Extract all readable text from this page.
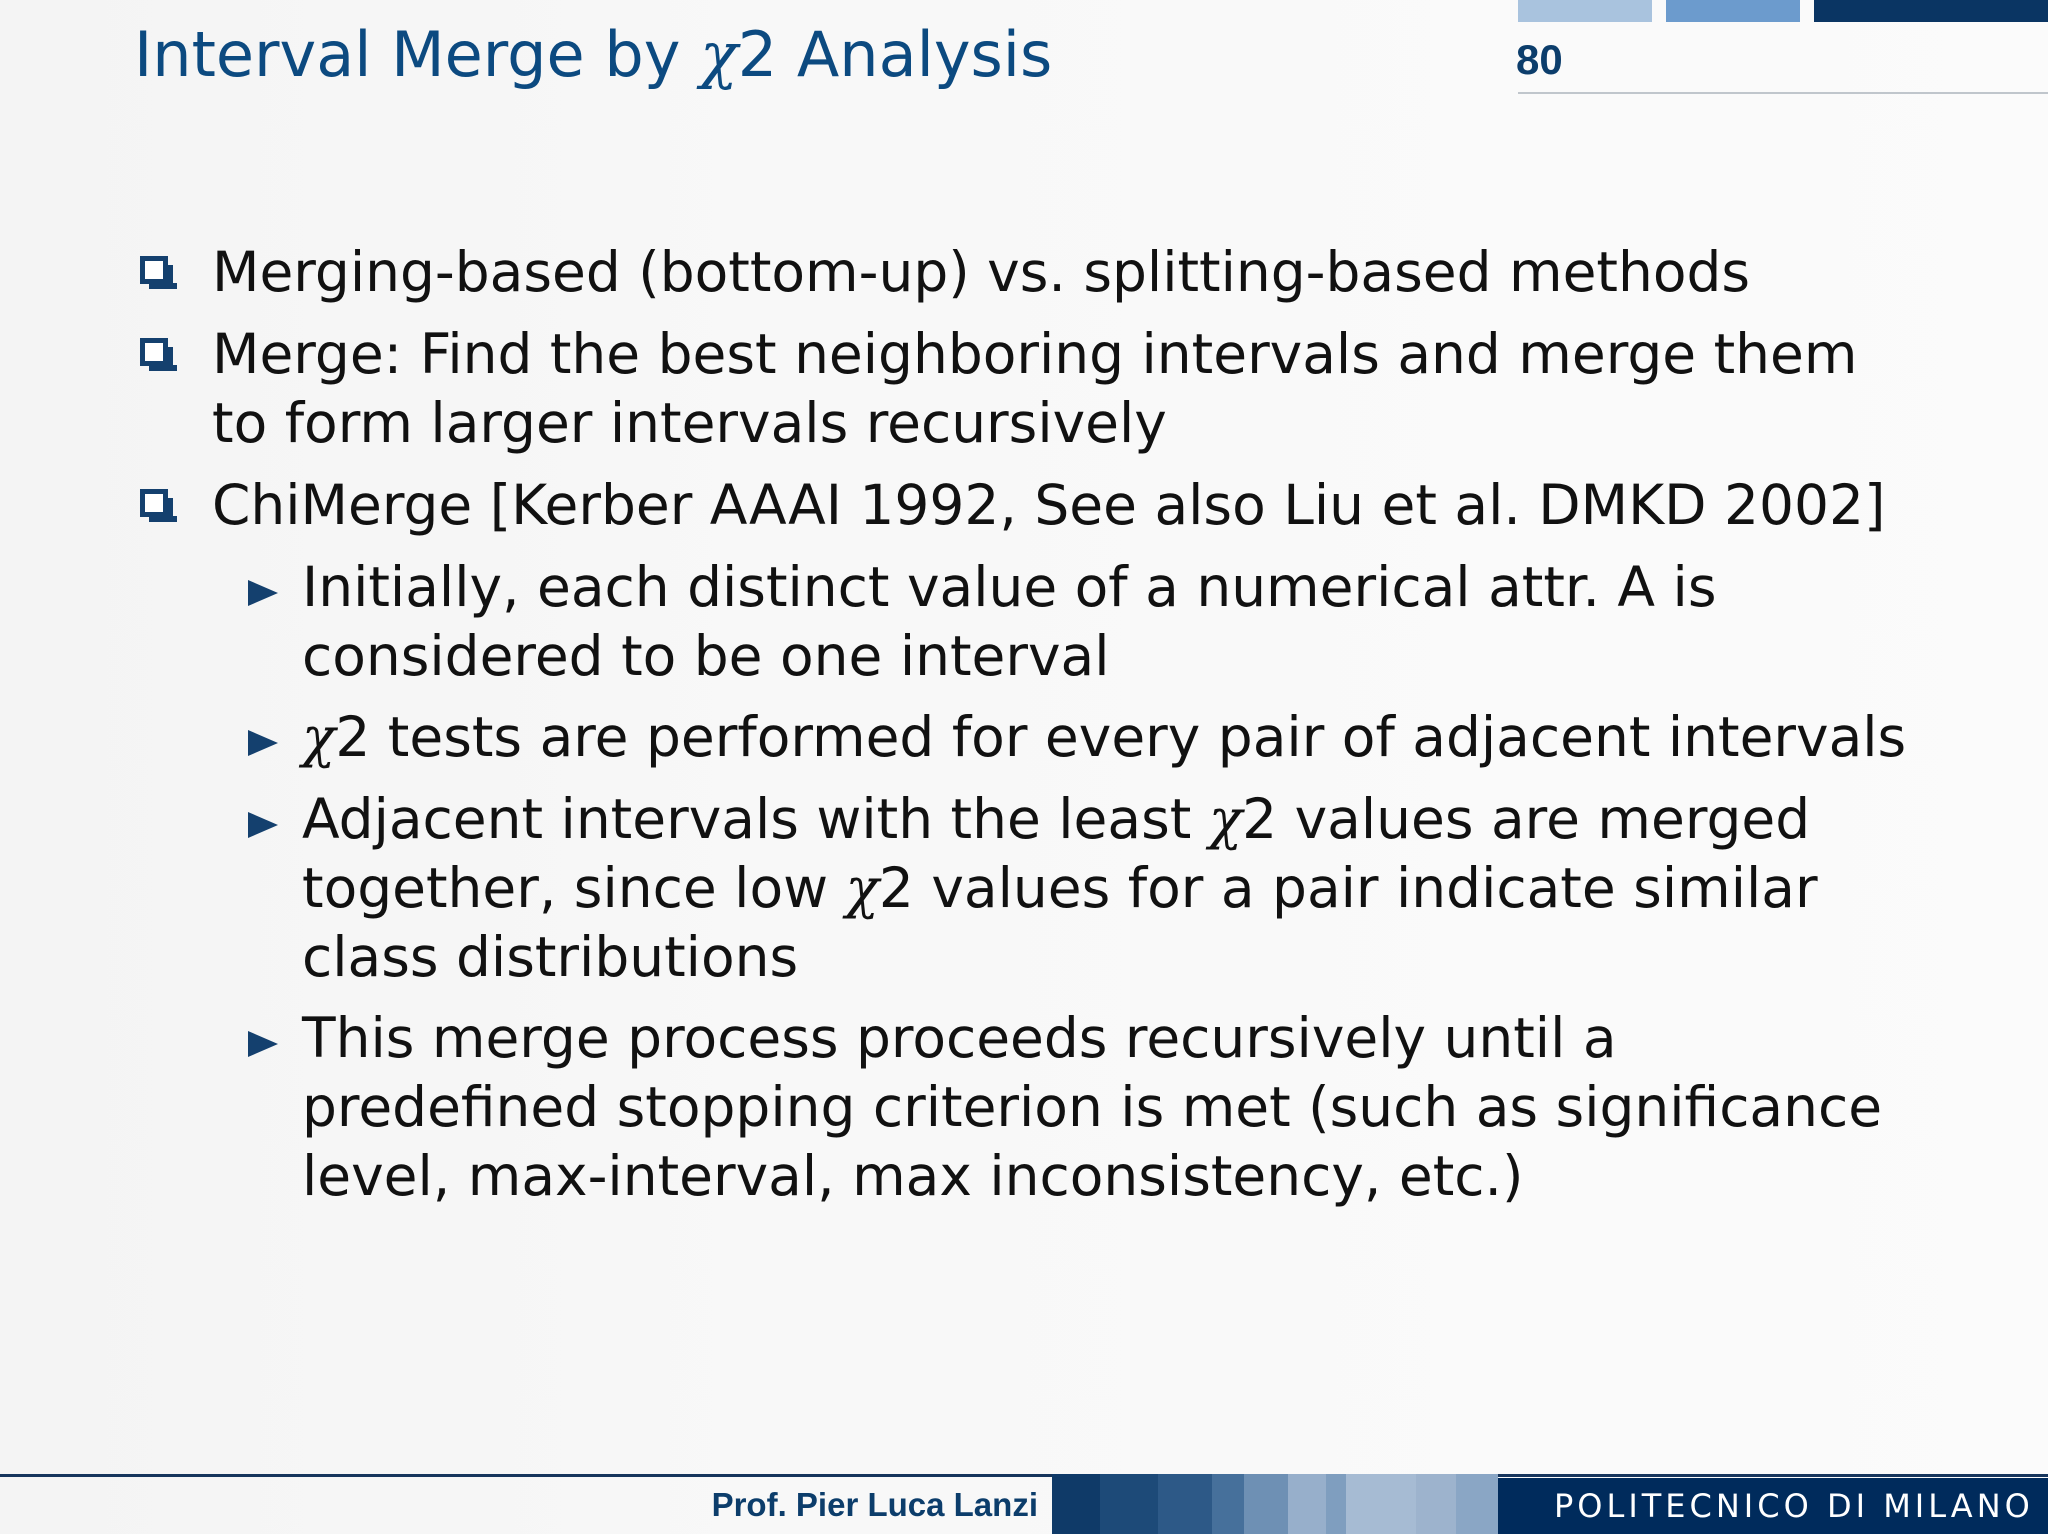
Interval Merge by χ2 Analysis	80
Merging-based (bottom-up) vs. splitting-based methods
Merge: Find the best neighboring intervals and merge them
to form larger intervals recursively
ChiMerge [Kerber AAAI 1992, See also Liu et al. DMKD 2002]
Initially, each distinct value of a numerical attr. A is
considered to be one interval
χ2 tests are performed for every pair of adjacent intervals
Adjacent intervals with the least χ2 values are merged
together, since low χ2 values for a pair indicate similar
class distributions
This merge process proceeds recursively until a
predefined stopping criterion is met (such as significance
level, max-interval, max inconsistency, etc.)
Prof. Pier Luca Lanzi	POLITECNICO DI MILANO
